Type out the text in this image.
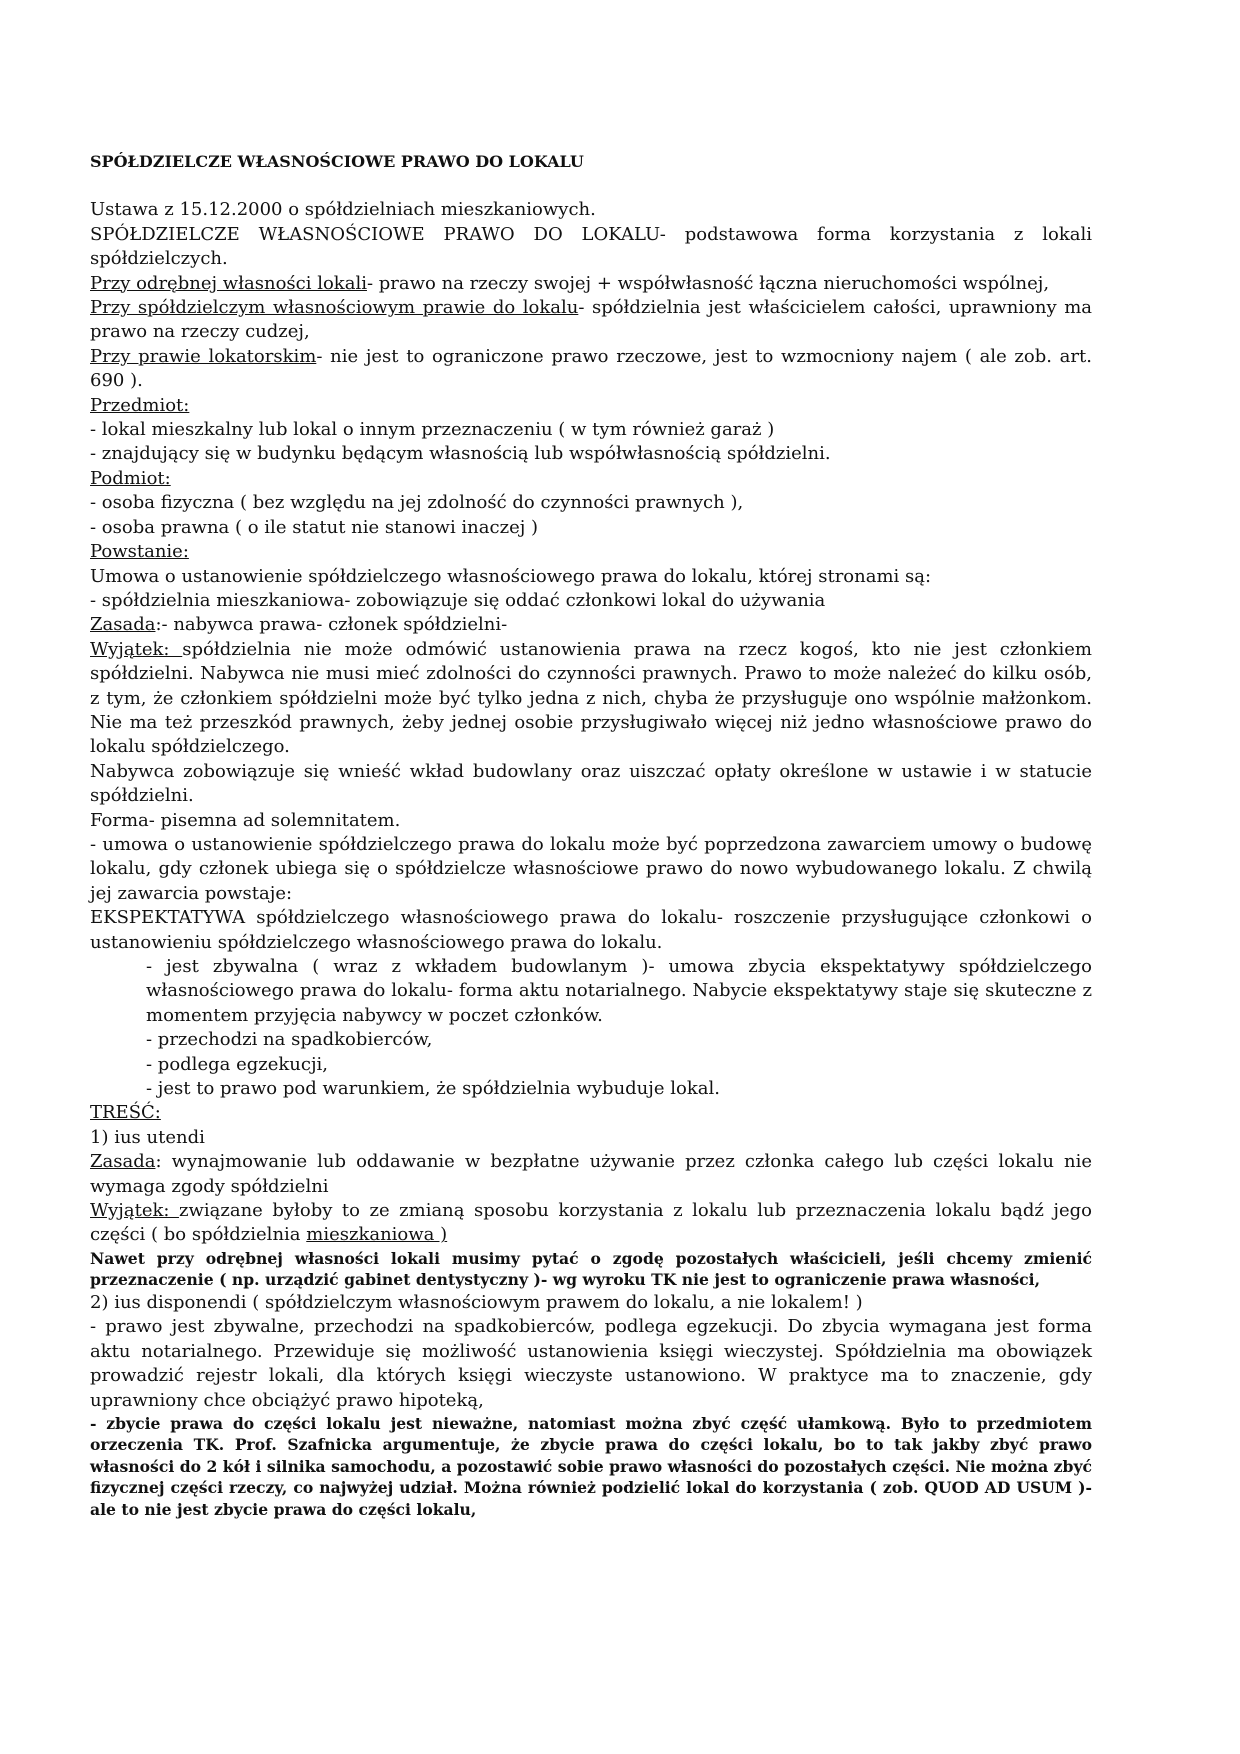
SPÓŁDZIELCZE WŁASNOŚCIOWE PRAWO DO LOKALU

Ustawa z 15.12.2000 o spółdzielniach mieszkaniowych.

SPÓŁDZIELCZE WŁASNOŚCIOWE PRAWO DO LOKALU- podstawowa forma korzystania z lokali spółdzielczych.

Przy odrębnej własności lokali- prawo na rzeczy swojej + współwłasność łączna nieruchomości wspólnej,

Przy spółdzielczym własnościowym prawie do lokalu- spółdzielnia jest właścicielem całości, uprawniony ma prawo na rzeczy cudzej,

Przy prawie lokatorskim- nie jest to ograniczone prawo rzeczowe, jest to wzmocniony najem ( ale zob. art. 690 ).

Przedmiot:

- lokal mieszkalny lub lokal o innym przeznaczeniu ( w tym również garaż )

- znajdujący się w budynku będącym własnością lub współwłasnością spółdzielni.

Podmiot:

- osoba fizyczna ( bez względu na jej zdolność do czynności prawnych ),

- osoba prawna ( o ile statut nie stanowi inaczej )

Powstanie:

Umowa o ustanowienie spółdzielczego własnościowego prawa do lokalu, której stronami są:

- spółdzielnia mieszkaniowa- zobowiązuje się oddać członkowi lokal do używania

Zasada:- nabywca prawa- członek spółdzielni-

Wyjątek: spółdzielnia nie może odmówić ustanowienia prawa na rzecz kogoś, kto nie jest członkiem spółdzielni. Nabywca nie musi mieć zdolności do czynności prawnych. Prawo to może należeć do kilku osób, z tym, że członkiem spółdzielni może być tylko jedna z nich, chyba że przysługuje ono wspólnie małżonkom. Nie ma też przeszkód prawnych, żeby jednej osobie przysługiwało więcej niż jedno własnościowe prawo do lokalu spółdzielczego.

Nabywca zobowiązuje się wnieść wkład budowlany oraz uiszczać opłaty określone w ustawie i w statucie spółdzielni.

Forma- pisemna ad solemnitatem.

- umowa o ustanowienie spółdzielczego prawa do lokalu może być poprzedzona zawarciem umowy o budowę lokalu, gdy członek ubiega się o spółdzielcze własnościowe prawo do nowo wybudowanego lokalu. Z chwilą jej zawarcia powstaje:

EKSPEKTATYWA spółdzielczego własnościowego prawa do lokalu- roszczenie przysługujące członkowi o ustanowieniu spółdzielczego własnościowego prawa do lokalu.

- jest zbywalna ( wraz z wkładem budowlanym )- umowa zbycia ekspektatywy spółdzielczego własnościowego prawa do lokalu- forma aktu notarialnego. Nabycie ekspektatywy staje się skuteczne z momentem przyjęcia nabywcy w poczet członków.

- przechodzi na spadkobierców,

- podlega egzekucji,

- jest to prawo pod warunkiem, że spółdzielnia wybuduje lokal.

TREŚĆ:

1) ius utendi

Zasada: wynajmowanie lub oddawanie w bezpłatne używanie przez członka całego lub części lokalu nie wymaga zgody spółdzielni

Wyjątek: związane byłoby to ze zmianą sposobu korzystania z lokalu lub przeznaczenia lokalu bądź jego części ( bo spółdzielnia mieszkaniowa )

Nawet przy odrębnej własności lokali musimy pytać o zgodę pozostałych właścicieli, jeśli chcemy zmienić przeznaczenie ( np. urządzić gabinet dentystyczny )- wg wyroku TK nie jest to ograniczenie prawa własności,

2) ius disponendi ( spółdzielczym własnościowym prawem do lokalu, a nie lokalem! )

- prawo jest zbywalne, przechodzi na spadkobierców, podlega egzekucji. Do zbycia wymagana jest forma aktu notarialnego. Przewiduje się możliwość ustanowienia księgi wieczystej. Spółdzielnia ma obowiązek prowadzić rejestr lokali, dla których księgi wieczyste ustanowiono. W praktyce ma to znaczenie, gdy uprawniony chce obciążyć prawo hipoteką,

- zbycie prawa do części lokalu jest nieważne, natomiast można zbyć część ułamkową. Było to przedmiotem orzeczenia TK. Prof. Szafnicka argumentuje, że zbycie prawa do części lokalu, bo to tak jakby zbyć prawo własności do 2 kół i silnika samochodu, a pozostawić sobie prawo własności do pozostałych części. Nie można zbyć fizycznej części rzeczy, co najwyżej udział. Można również podzielić lokal do korzystania ( zob. QUOD AD USUM )- ale to nie jest zbycie prawa do części lokalu,
